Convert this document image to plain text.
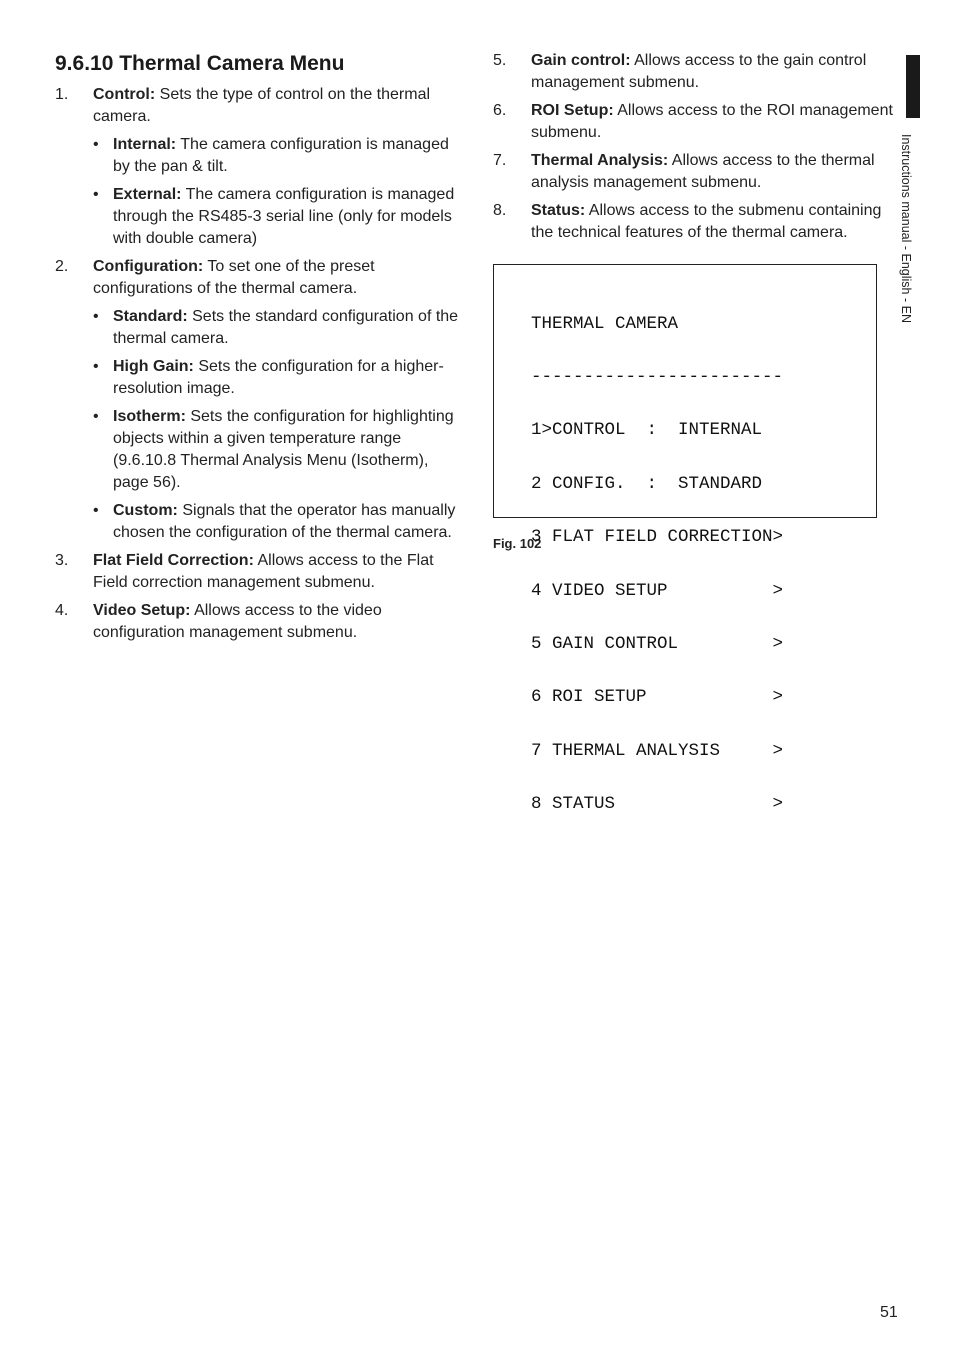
9.6.10 Thermal Camera Menu
1. Control: Sets the type of control on the thermal camera.
• Internal: The camera configuration is managed by the pan & tilt.
• External: The camera configuration is managed through the RS485-3 serial line (only for models with double camera)
2. Configuration: To set one of the preset configurations of the thermal camera.
• Standard: Sets the standard configuration of the thermal camera.
• High Gain: Sets the configuration for a higher-resolution image.
• Isotherm: Sets the configuration for highlighting objects within a given temperature range (9.6.10.8 Thermal Analysis Menu (Isotherm), page 56).
• Custom: Signals that the operator has manually chosen the configuration of the thermal camera.
3. Flat Field Correction: Allows access to the Flat Field correction management submenu.
4. Video Setup: Allows access to the video configuration management submenu.
5. Gain control: Allows access to the gain control management submenu.
6. ROI Setup: Allows access to the ROI management submenu.
7. Thermal Analysis: Allows access to the thermal analysis management submenu.
8. Status: Allows access to the submenu containing the technical features of the thermal camera.

THERMAL CAMERA

------------------------

1>CONTROL  :  INTERNAL

2 CONFIG.  :  STANDARD

3 FLAT FIELD CORRECTION>

4 VIDEO SETUP          >

5 GAIN CONTROL         >

6 ROI SETUP            >

7 THERMAL ANALYSIS     >

8 STATUS               >

Fig. 102
Instructions manual - English - EN
51
